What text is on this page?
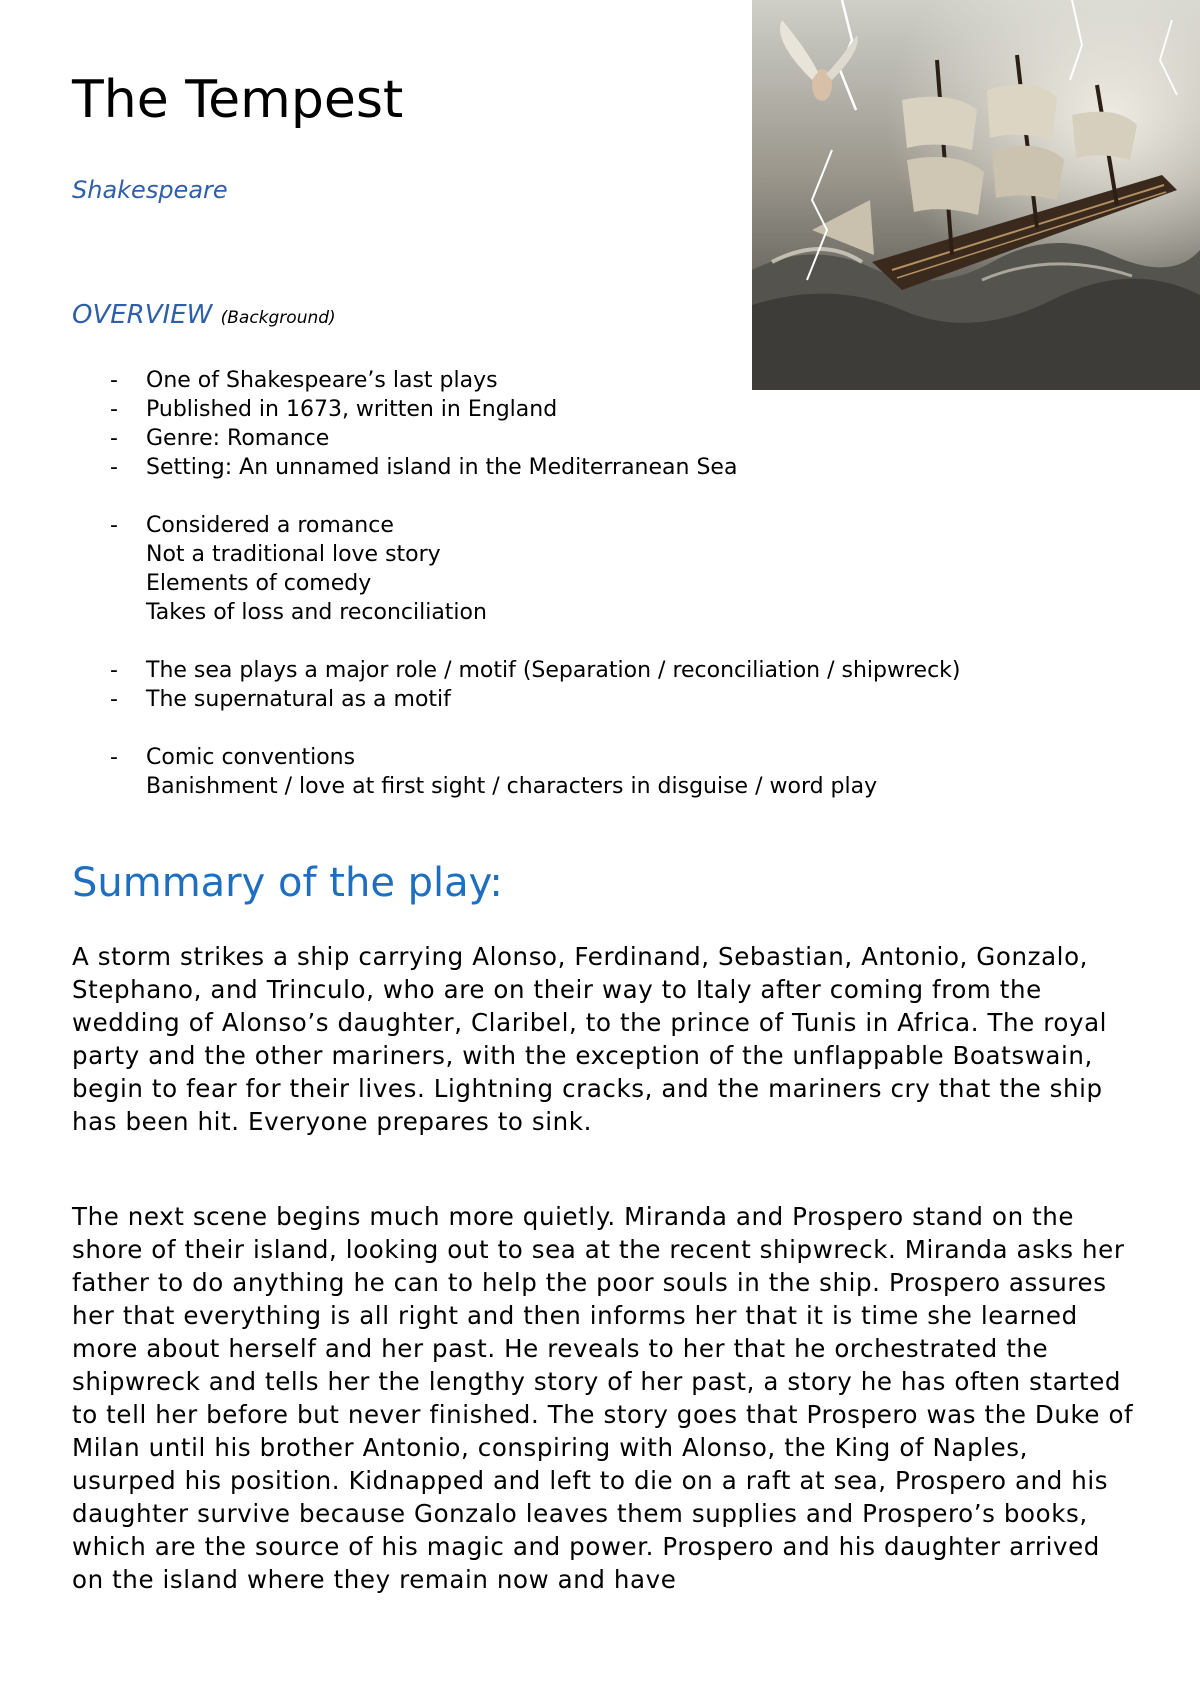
The Tempest
Shakespeare
OVERVIEW (Background)
- One of Shakespeare’s last plays
- Published in 1673, written in England
- Genre: Romance
- Setting: An unnamed island in the Mediterranean Sea
- Considered a romance
Not a traditional love story
Elements of comedy
Takes of loss and reconciliation
- The sea plays a major role / motif (Separation / reconciliation / shipwreck)
- The supernatural as a motif
- Comic conventions
Banishment / love at first sight / characters in disguise / word play
Summary of the play:

A storm strikes a ship carrying Alonso, Ferdinand, Sebastian, Antonio, Gonzalo, Stephano, and Trinculo, who are on their way to Italy after coming from the wedding of Alonso’s daughter, Claribel, to the prince of Tunis in Africa. The royal party and the other mariners, with the exception of the unflappable Boatswain, begin to fear for their lives. Lightning cracks, and the mariners cry that the ship has been hit. Everyone prepares to sink.

The next scene begins much more quietly. Miranda and Prospero stand on the shore of their island, looking out to sea at the recent shipwreck. Miranda asks her father to do anything he can to help the poor souls in the ship. Prospero assures her that everything is all right and then informs her that it is time she learned more about herself and her past. He reveals to her that he orchestrated the shipwreck and tells her the lengthy story of her past, a story he has often started to tell her before but never finished. The story goes that Prospero was the Duke of Milan until his brother Antonio, conspiring with Alonso, the King of Naples, usurped his position. Kidnapped and left to die on a raft at sea, Prospero and his daughter survive because Gonzalo leaves them supplies and Prospero’s books, which are the source of his magic and power. Prospero and his daughter arrived on the island where they remain now and have
